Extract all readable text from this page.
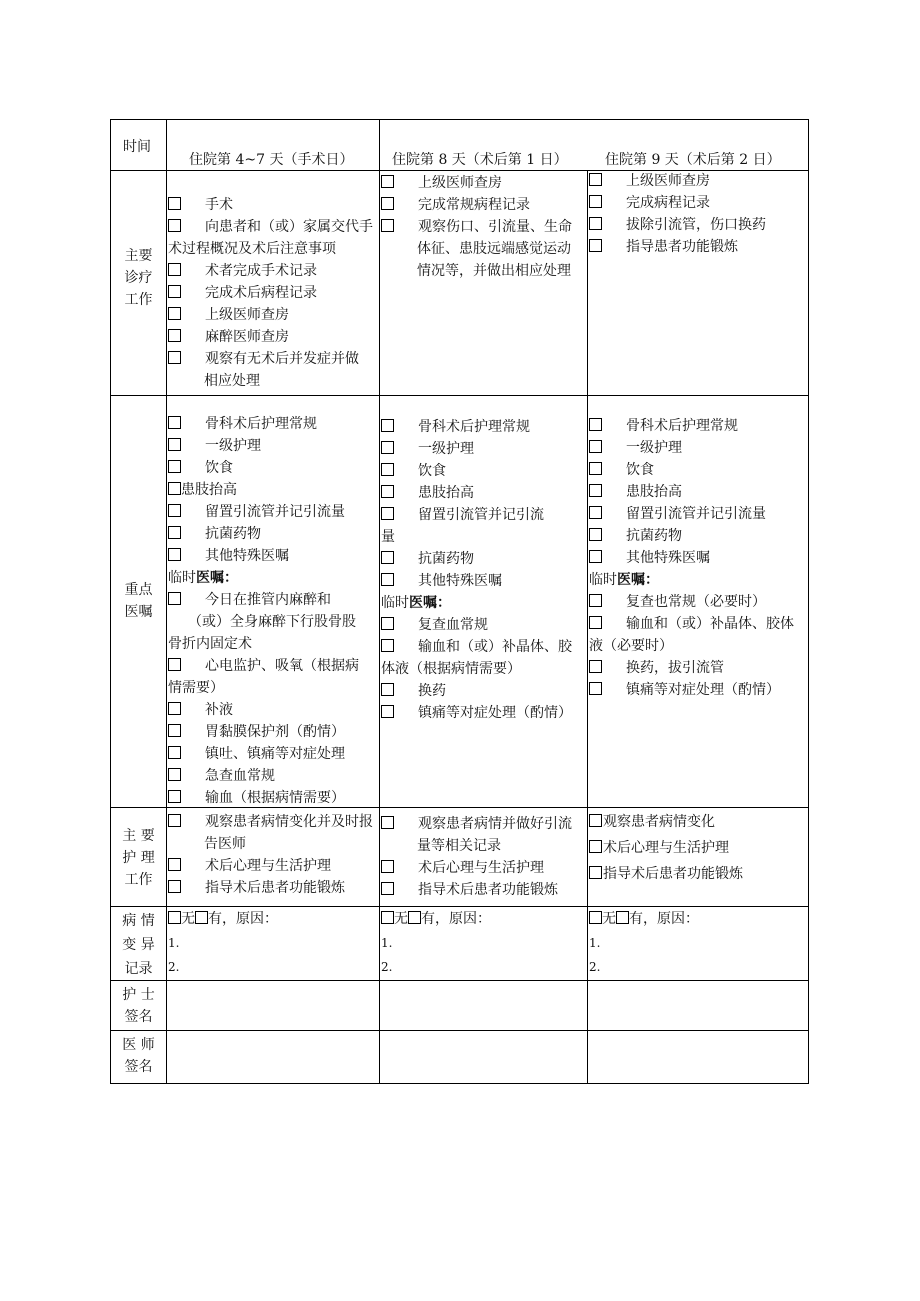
时间
住院第 4~7 天（手术日）	住院第 8 天（术后第 1 日）	住院第 9 天（术后第 2 日）
主要
诊疗
工作
手术
向患者和（或）家属交代手
术过程概况及术后注意事项
术者完成手术记录
完成术后病程记录
上级医师查房
麻醉医师查房
观察有无术后并发症并做
相应处理
上级医师查房
完成常规病程记录
观察伤口、引流量、生命
体征、患肢远端感觉运动
情况等，并做出相应处理
上级医师查房
完成病程记录
拔除引流管，伤口换药
指导患者功能锻炼
重点
医嘱
骨科术后护理常规
一级护理
饮食
患肢抬高
留置引流管并记引流量
抗菌药物
其他特殊医嘱
临时医嘱：
今日在推管内麻醉和
（或）全身麻醉下行股骨股
骨折内固定术
心电监护、吸氧（根据病
情需要）
补液
胃黏膜保护剂（酌情）
镇吐、镇痛等对症处理
急查血常规
输血（根据病情需要）
骨科术后护理常规
一级护理
饮食
患肢抬高
留置引流管并记引流
量
抗菌药物
其他特殊医嘱
临时医嘱：
复查血常规
输血和（或）补晶体、胶
体液（根据病情需要）
换药
镇痛等对症处理（酌情）
骨科术后护理常规
一级护理
饮食
患肢抬高
留置引流管并记引流量
抗菌药物
其他特殊医嘱
临时医嘱：
复查也常规（必要时）
输血和（或）补晶体、胶体
液（必要时）
换药，拔引流管
镇痛等对症处理（酌情）
主 要
护 理
工作
观察患者病情变化并及时报
告医师
术后心理与生活护理
指导术后患者功能锻炼
观察患者病情并做好引流
量等相关记录
术后心理与生活护理
指导术后患者功能锻炼
观察患者病情变化
术后心理与生活护理
指导术后患者功能锻炼
病 情
变 异
记录
无 有，原因：
1.
2.
无 有，原因：
1.
2.
无 有，原因：
1.
2.
护 士
签名
医 师
签名
